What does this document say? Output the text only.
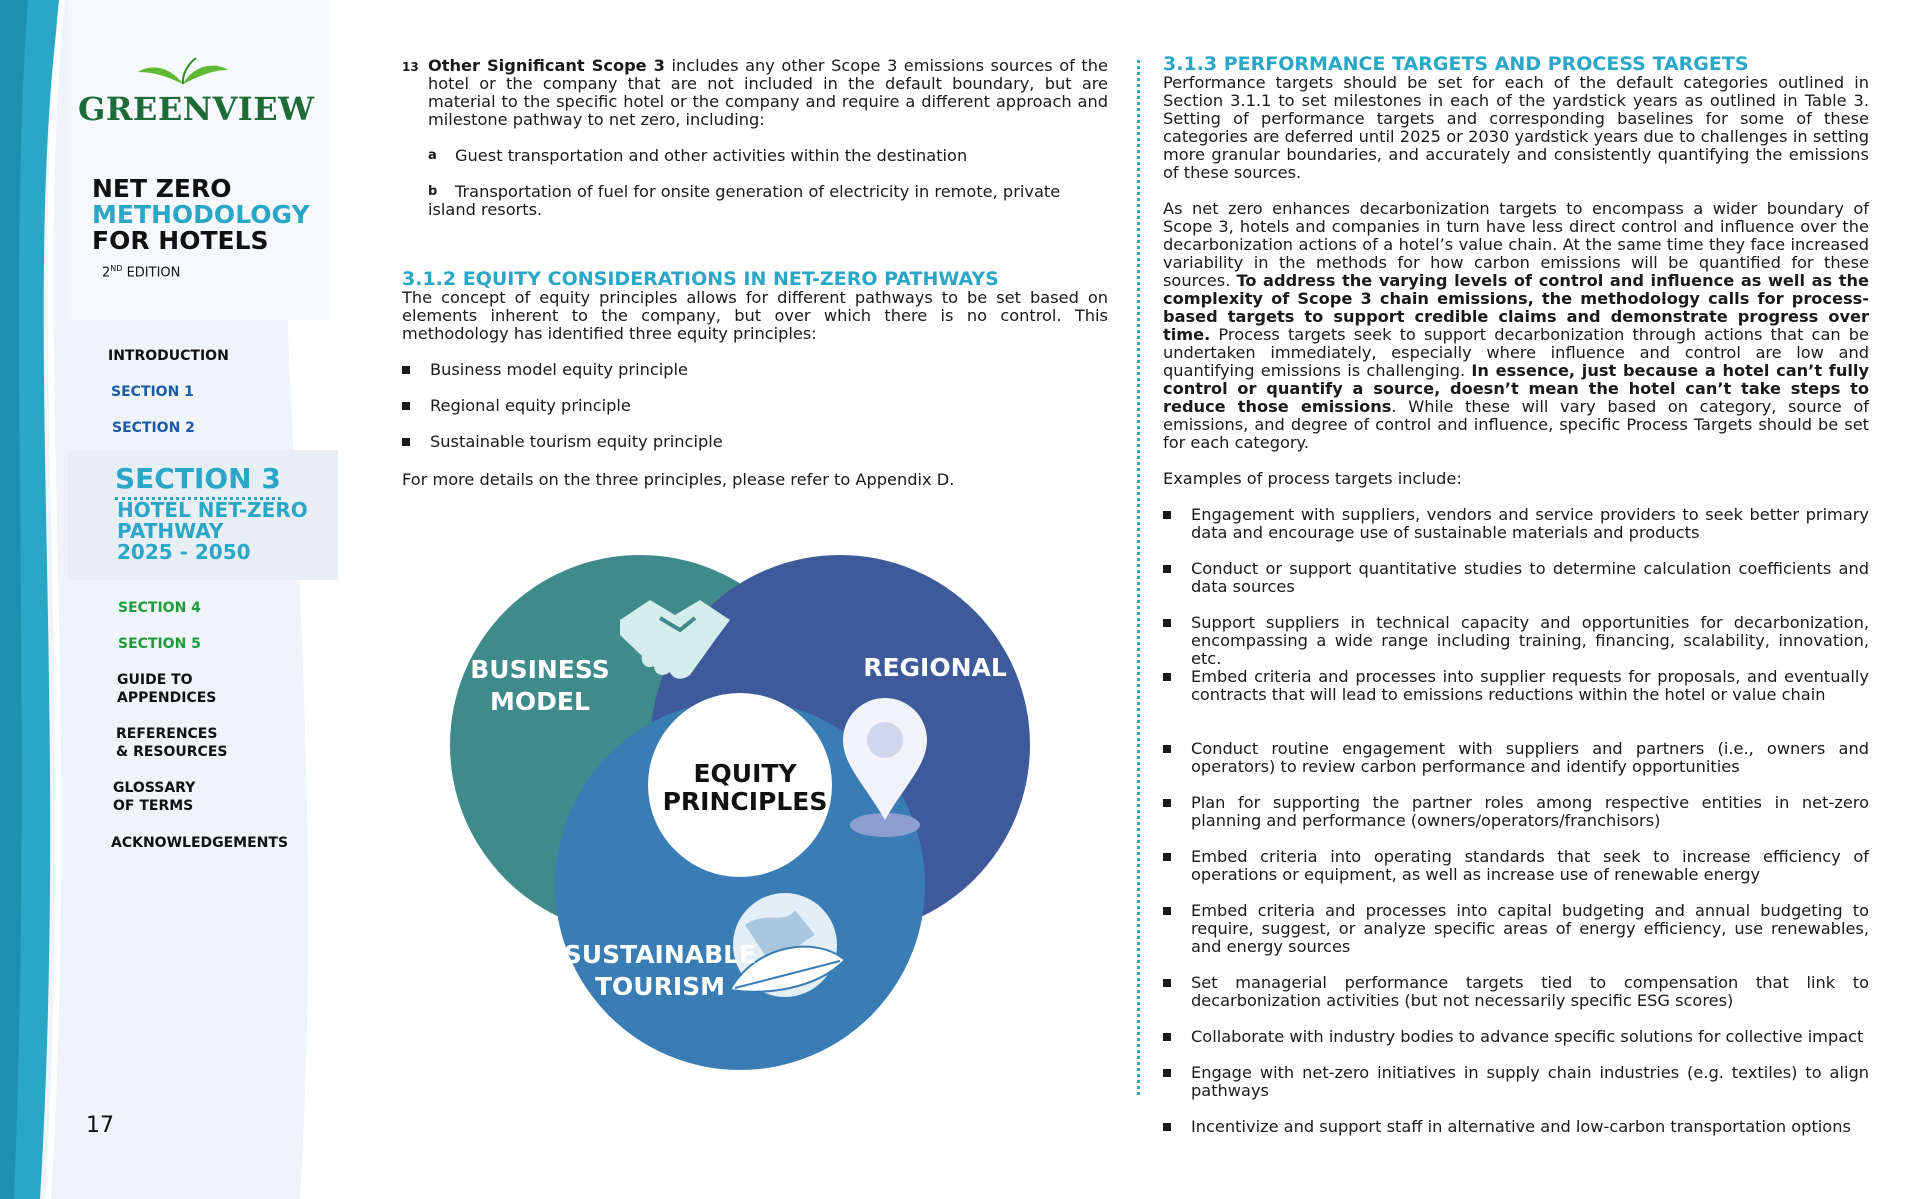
GREENVIEW
NET ZERO
METHODOLOGY
FOR HOTELS
2ND EDITION
INTRODUCTION
SECTION 1
SECTION 2
SECTION 3
HOTEL NET-ZERO
PATHWAY
2025 - 2050
SECTION 4
SECTION 5
GUIDE TO
APPENDICES
REFERENCES
& RESOURCES
GLOSSARY
OF TERMS
ACKNOWLEDGEMENTS
17
13 Other Significant Scope 3 includes any other Scope 3 emissions sources of the hotel or the company that are not included in the default boundary, but are material to the specific hotel or the company and require a different approach and milestone pathway to net zero, including:
a	Guest transportation and other activities within the destination
b	Transportation of fuel for onsite generation of electricity in remote, private island resorts.
3.1.2 EQUITY CONSIDERATIONS IN NET-ZERO PATHWAYS

The concept of equity principles allows for different pathways to be set based on elements inherent to the company, but over which there is no control. This methodology has identified three equity principles:

Business model equity principle
Regional equity principle
Sustainable tourism equity principle

For more details on the three principles, please refer to Appendix D.

BUSINESS
MODEL
REGIONAL
SUSTAINABLE
TOURISM
EQUITY
PRINCIPLES
3.1.3 PERFORMANCE TARGETS AND PROCESS TARGETS

Performance targets should be set for each of the default categories outlined in Section 3.1.1 to set milestones in each of the yardstick years as outlined in Table 3. Setting of performance targets and corresponding baselines for some of these categories are deferred until 2025 or 2030 yardstick years due to challenges in setting more granular boundaries, and accurately and consistently quantifying the emissions of these sources.

As net zero enhances decarbonization targets to encompass a wider boundary of Scope 3, hotels and companies in turn have less direct control and influence over the decarbonization actions of a hotel’s value chain. At the same time they face increased variability in the methods for how carbon emissions will be quantified for these sources. To address the varying levels of control and influence as well as the complexity of Scope 3 chain emissions, the methodology calls for process-based targets to support credible claims and demonstrate progress over time. Process targets seek to support decarbonization through actions that can be undertaken immediately, especially where influence and control are low and quantifying emissions is challenging. In essence, just because a hotel can’t fully control or quantify a source, doesn’t mean the hotel can’t take steps to reduce those emissions. While these will vary based on category, source of emissions, and degree of control and influence, specific Process Targets should be set for each category.

Examples of process targets include:

Engagement with suppliers, vendors and service providers to seek better primary data and encourage use of sustainable materials and products
Conduct or support quantitative studies to determine calculation coefficients and data sources
Support suppliers in technical capacity and opportunities for decarbonization, encompassing a wide range including training, financing, scalability, innovation, etc.
Embed criteria and processes into supplier requests for proposals, and eventually contracts that will lead to emissions reductions within the hotel or value chain
Conduct routine engagement with suppliers and partners (i.e., owners and operators) to review carbon performance and identify opportunities
Plan for supporting the partner roles among respective entities in net-zero planning and performance (owners/operators/franchisors)
Embed criteria into operating standards that seek to increase efficiency of operations or equipment, as well as increase use of renewable energy
Embed criteria and processes into capital budgeting and annual budgeting to require, suggest, or analyze specific areas of energy efficiency, use renewables, and energy sources
Set managerial performance targets tied to compensation that link to decarbonization activities (but not necessarily specific ESG scores)
Collaborate with industry bodies to advance specific solutions for collective impact
Engage with net-zero initiatives in supply chain industries (e.g. textiles) to align pathways
Incentivize and support staff in alternative and low-carbon transportation options
